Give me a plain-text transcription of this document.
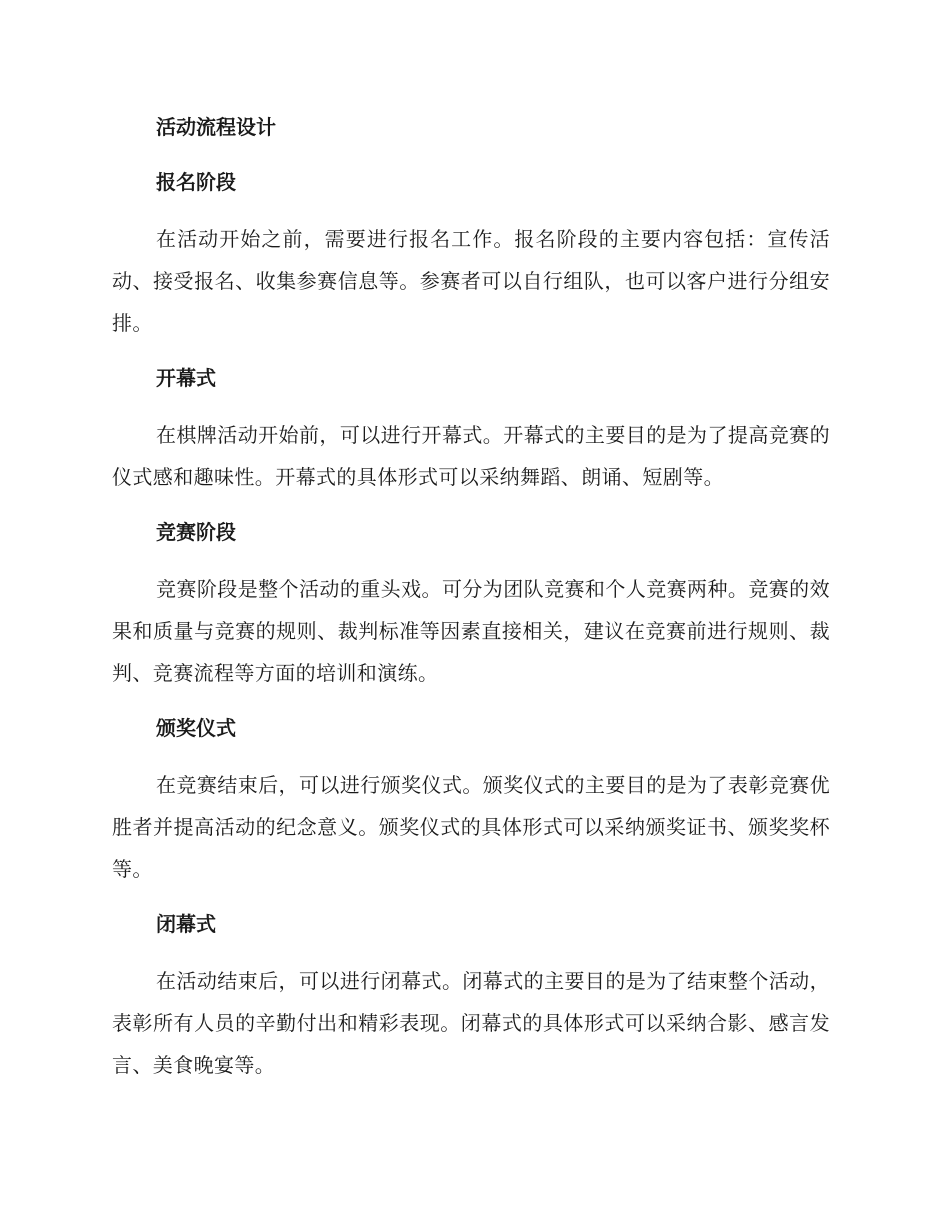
活动流程设计
报名阶段

在活动开始之前，需要进行报名工作。报名阶段的主要内容包括：宣传活动、接受报名、收集参赛信息等。参赛者可以自行组队，也可以客户进行分组安排。

开幕式

在棋牌活动开始前，可以进行开幕式。开幕式的主要目的是为了提高竞赛的仪式感和趣味性。开幕式的具体形式可以采纳舞蹈、朗诵、短剧等。

竞赛阶段

竞赛阶段是整个活动的重头戏。可分为团队竞赛和个人竞赛两种。竞赛的效果和质量与竞赛的规则、裁判标准等因素直接相关，建议在竞赛前进行规则、裁判、竞赛流程等方面的培训和演练。

颁奖仪式

在竞赛结束后，可以进行颁奖仪式。颁奖仪式的主要目的是为了表彰竞赛优胜者并提高活动的纪念意义。颁奖仪式的具体形式可以采纳颁奖证书、颁奖奖杯等。

闭幕式

在活动结束后，可以进行闭幕式。闭幕式的主要目的是为了结束整个活动，表彰所有人员的辛勤付出和精彩表现。闭幕式的具体形式可以采纳合影、感言发言、美食晚宴等。
